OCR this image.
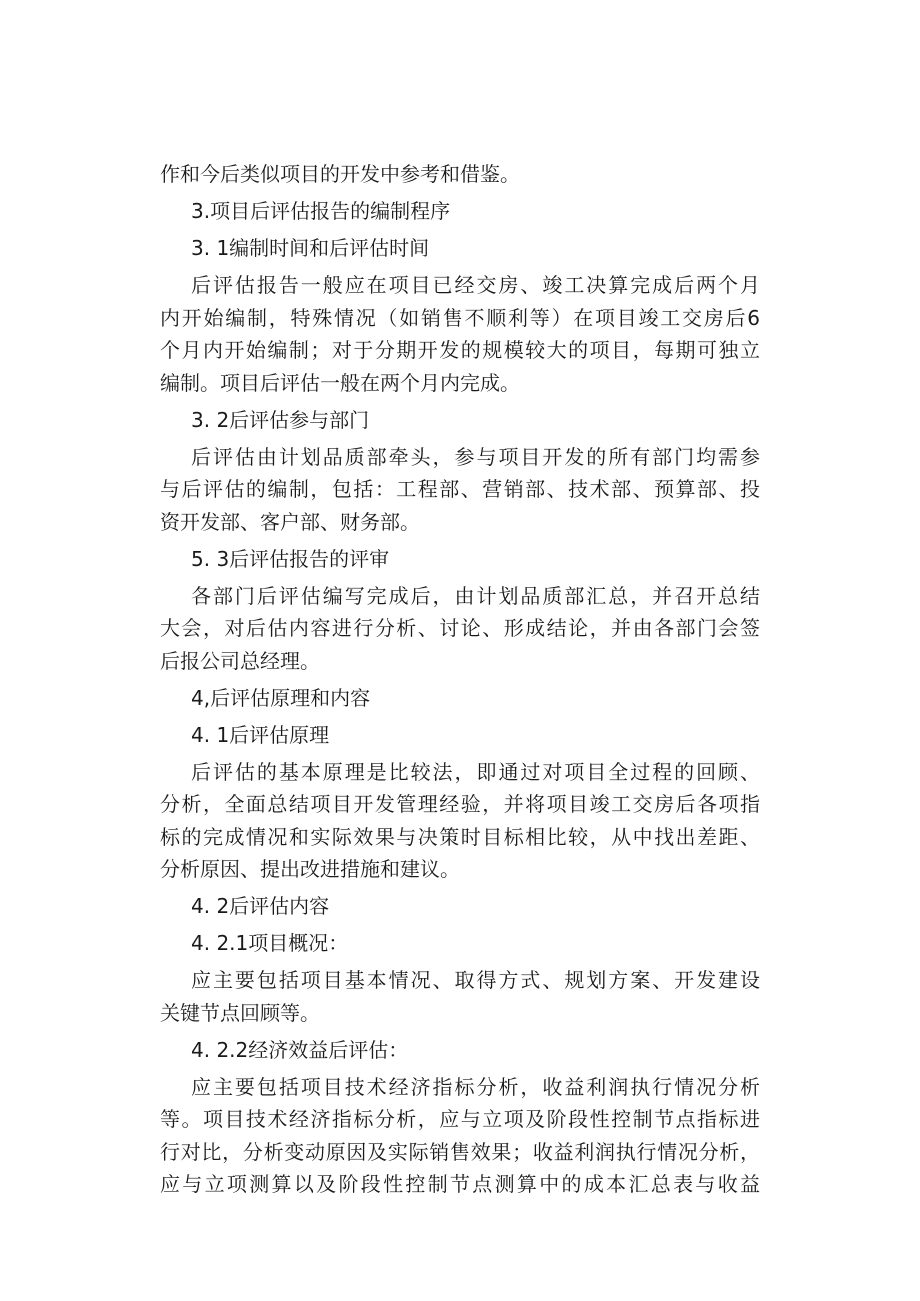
作和今后类似项目的开发中参考和借鉴。
3.项目后评估报告的编制程序
3. 1编制时间和后评估时间
后评估报告一般应在项目已经交房、竣工决算完成后两个月
内开始编制，特殊情况（如销售不顺利等）在项目竣工交房后6
个月内开始编制；对于分期开发的规模较大的项目，每期可独立
编制。项目后评估一般在两个月内完成。
3. 2后评估参与部门
后评估由计划品质部牵头，参与项目开发的所有部门均需参
与后评估的编制，包括：工程部、营销部、技术部、预算部、投
资开发部、客户部、财务部。
5. 3后评估报告的评审
各部门后评估编写完成后，由计划品质部汇总，并召开总结
大会，对后估内容进行分析、讨论、形成结论，并由各部门会签
后报公司总经理。
4,后评估原理和内容
4. 1后评估原理
后评估的基本原理是比较法，即通过对项目全过程的回顾、
分析，全面总结项目开发管理经验，并将项目竣工交房后各项指
标的完成情况和实际效果与决策时目标相比较，从中找出差距、
分析原因、提出改进措施和建议。
4. 2后评估内容
4. 2.1项目概况：
应主要包括项目基本情况、取得方式、规划方案、开发建设
关键节点回顾等。
4. 2.2经济效益后评估：
应主要包括项目技术经济指标分析，收益利润执行情况分析
等。项目技术经济指标分析，应与立项及阶段性控制节点指标进
行对比，分析变动原因及实际销售效果；收益利润执行情况分析，
应与立项测算以及阶段性控制节点测算中的成本汇总表与收益
